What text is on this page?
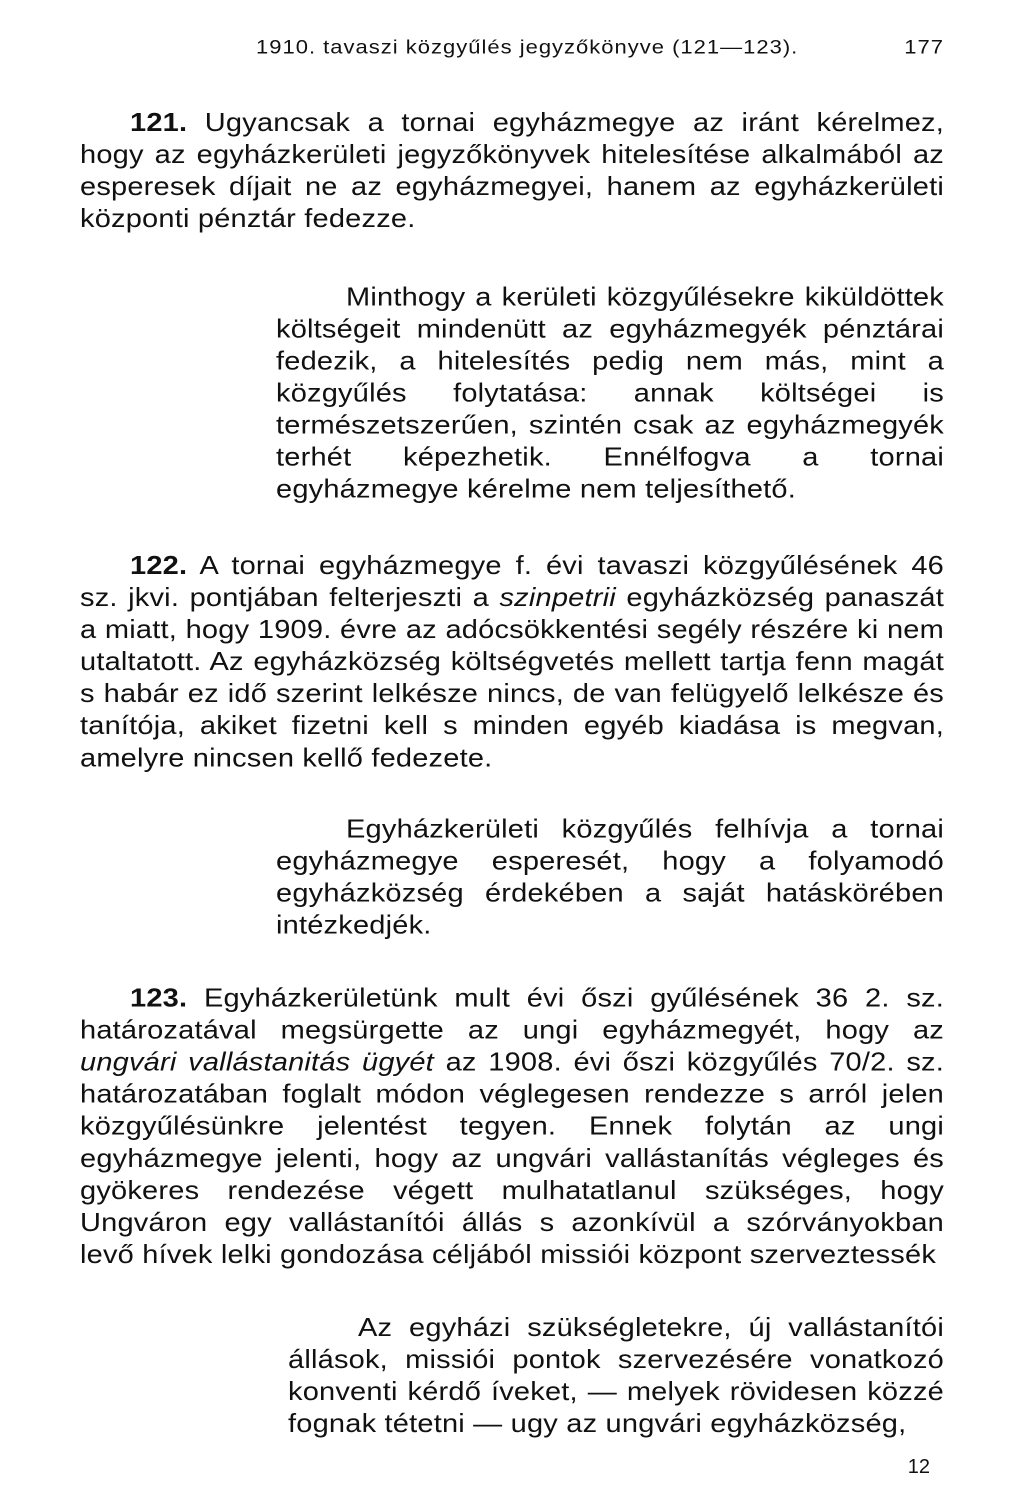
1910. tavaszi közgyűlés jegyzőkönyve (121—123).	177

121. Ugyancsak a tornai egyházmegye az iránt kérelmez, hogy az egyházkerületi jegyzőkönyvek hitelesítése alkalmából az esperesek díjait ne az egyházmegyei, hanem az egyházkerületi központi pénztár fedezze.

Minthogy a kerületi közgyűlésekre kiküldöttek költségeit mindenütt az egyházmegyék pénztárai fedezik, a hitelesítés pedig nem más, mint a közgyűlés folytatása: annak költségei is természetszerűen, szintén csak az egyházmegyék terhét képezhetik. Ennélfogva a tornai egyházmegye kérelme nem teljesíthető.

122. A tornai egyházmegye f. évi tavaszi közgyűlésének 46 sz. jkvi. pontjában felterjeszti a szinpetrii egyházközség panaszát a miatt, hogy 1909. évre az adócsökkentési segély részére ki nem utaltatott. Az egyházközség költségvetés mellett tartja fenn magát s habár ez idő szerint lelkésze nincs, de van felügyelő lelkésze és tanítója, akiket fizetni kell s minden egyéb kiadása is megvan, amelyre nincsen kellő fedezete.

Egyházkerületi közgyűlés felhívja a tornai egyházmegye esperesét, hogy a folyamodó egyházközség érdekében a saját hatáskörében intézkedjék.

123. Egyházkerületünk mult évi őszi gyűlésének 36 2. sz. határozatával megsürgette az ungi egyházmegyét, hogy az ungvári vallástanitás ügyét az 1908. évi őszi közgyűlés 70/2. sz. határozatában foglalt módon véglegesen rendezze s arról jelen közgyűlésünkre jelentést tegyen. Ennek folytán az ungi egyházmegye jelenti, hogy az ungvári vallástanítás végleges és gyökeres rendezése végett mulhatatlanul szükséges, hogy Ungváron egy vallástanítói állás s azonkívül a szórványokban levő hívek lelki gondozása céljából missiói központ szerveztessék

Az egyházi szükségletekre, új vallástanítói állások, missiói pontok szervezésére vonatkozó konventi kérdő íveket, — melyek rövidesen közzé fognak tétetni — ugy az ungvári egyházközség,

12
